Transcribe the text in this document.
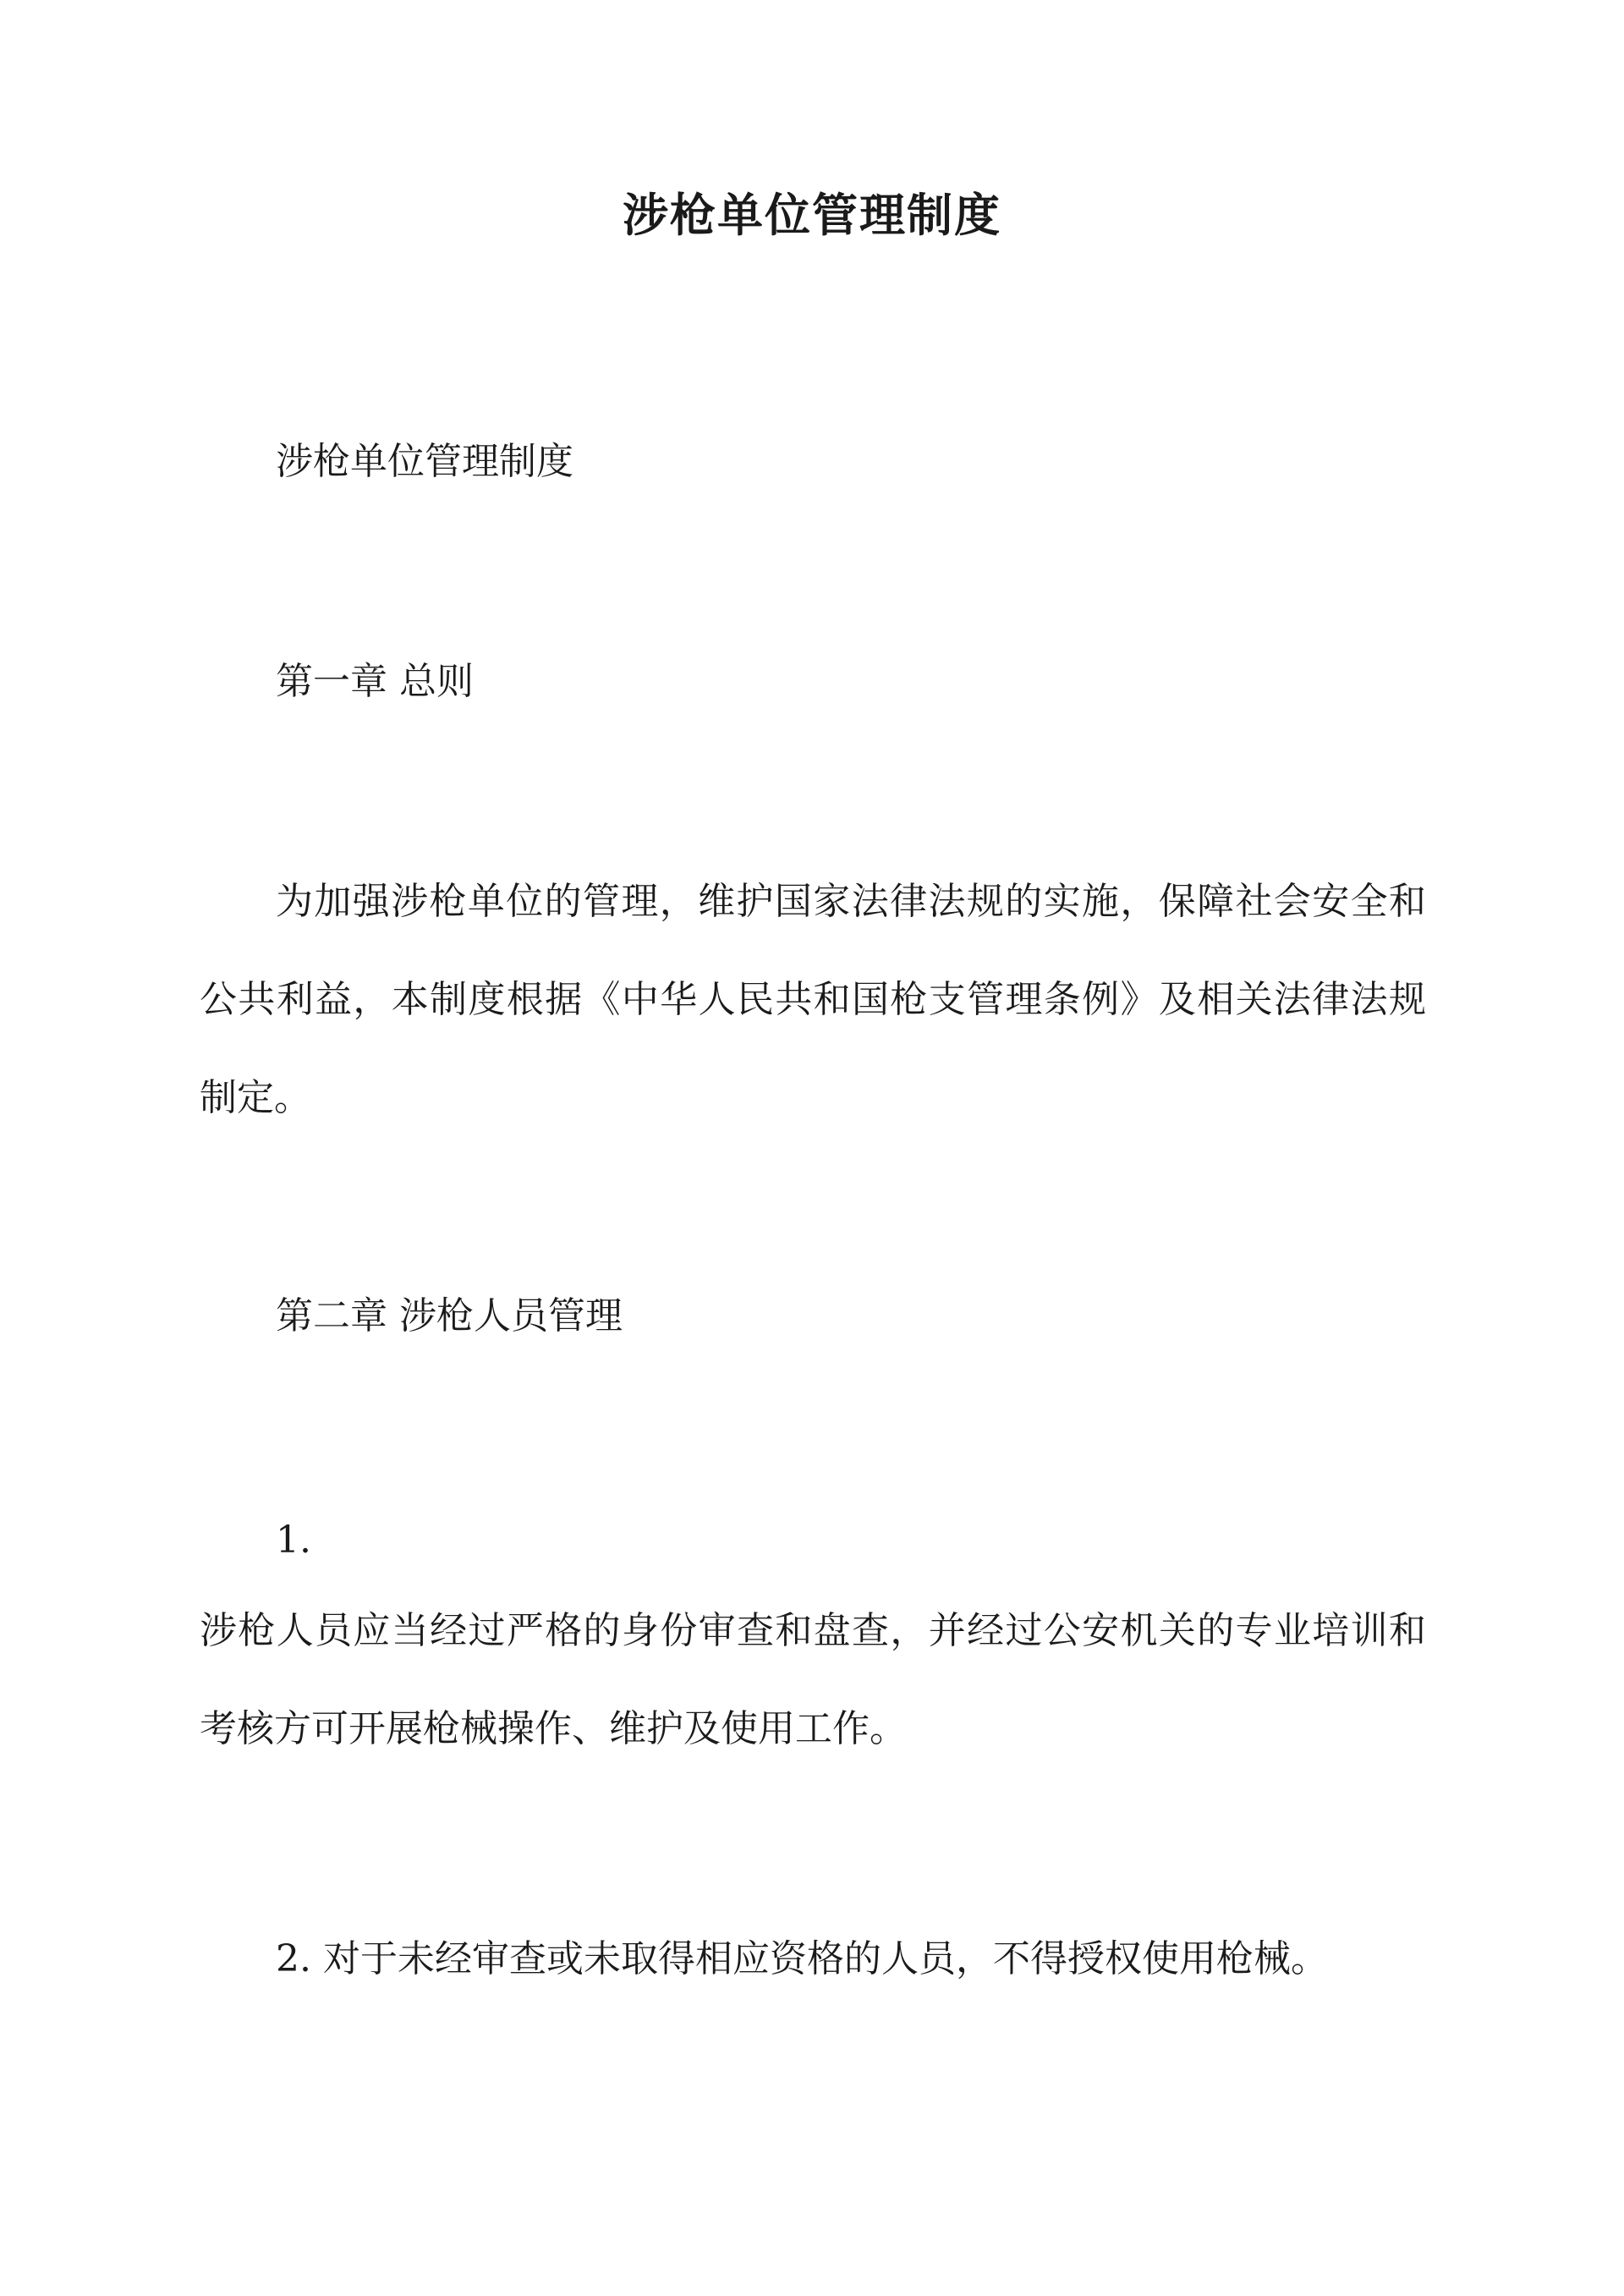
涉枪单位管理制度
涉枪单位管理制度
第一章 总则
为加强涉枪单位的管理，维护国家法律法规的实施，保障社会安全和公共利益，本制度根据《中华人民共和国枪支管理条例》及相关法律法规制定。
第二章 涉枪人员管理
1.
涉枪人员应当经过严格的身份审查和盘查，并经过公安机关的专业培训和考核方可开展枪械操作、维护及使用工作。
2. 对于未经审查或未取得相应资格的人员，不得授权使用枪械。
